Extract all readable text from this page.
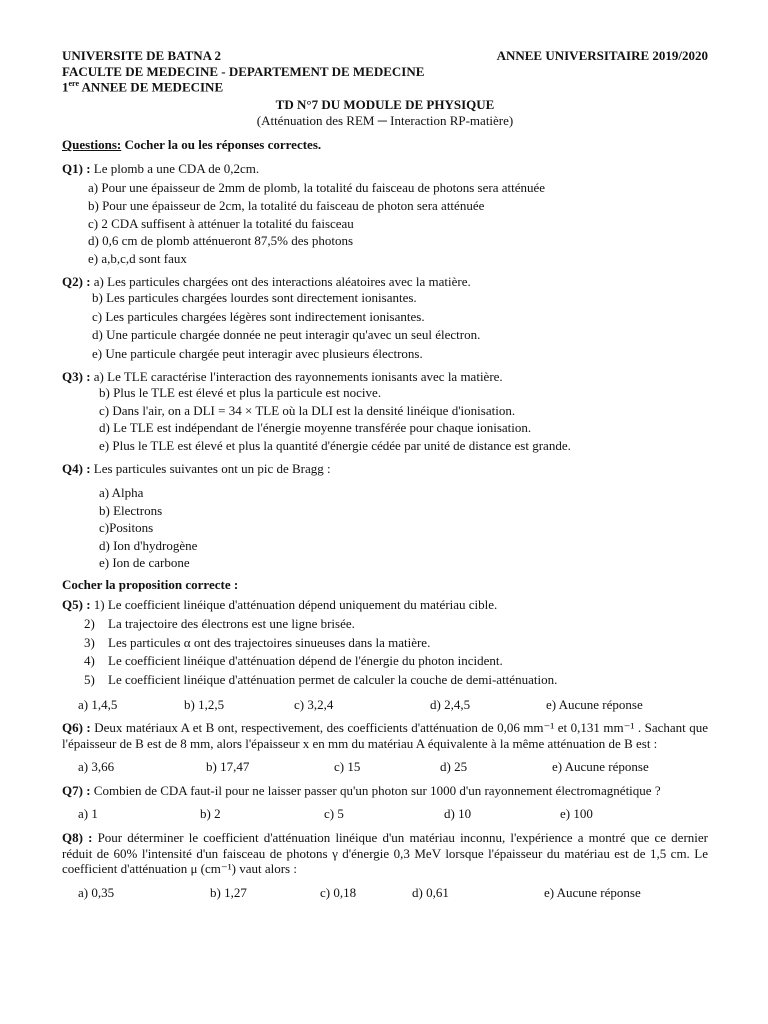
UNIVERSITE DE BATNA 2	ANNEE UNIVERSITAIRE 2019/2020
FACULTE DE MEDECINE - DEPARTEMENT DE MEDECINE
1ere ANNEE DE MEDECINE
TD N°7 DU MODULE DE PHYSIQUE
(Atténuation des REM ─ Interaction RP-matière)
Questions: Cocher la ou les réponses correctes.
Q1) : Le plomb a une CDA de 0,2cm.
a) Pour une épaisseur de 2mm de plomb, la totalité du faisceau de photons sera atténuée
b) Pour une épaisseur de 2cm, la totalité du faisceau de photon sera atténuée
c) 2 CDA suffisent à atténuer la totalité du faisceau
d) 0,6 cm de plomb atténueront 87,5% des photons
e) a,b,c,d sont faux
Q2) : a) Les particules chargées ont des interactions aléatoires avec la matière.
b) Les particules chargées lourdes sont directement ionisantes.
c) Les particules chargées légères sont indirectement ionisantes.
d) Une particule chargée donnée ne peut interagir qu'avec un seul électron.
e) Une particule chargée peut interagir avec plusieurs électrons.
Q3) : a) Le TLE caractérise l'interaction des rayonnements ionisants avec la matière.
b) Plus le TLE est élevé et plus la particule est nocive.
c) Dans l'air, on a DLI = 34 × TLE où la DLI est la densité linéique d'ionisation.
d) Le TLE est indépendant de l'énergie moyenne transférée pour chaque ionisation.
e) Plus le TLE est élevé et plus la quantité d'énergie cédée par unité de distance est grande.
Q4) : Les particules suivantes ont un pic de Bragg :
a) Alpha
b) Electrons
c)Positons
d) Ion d'hydrogène
e) Ion de carbone
Cocher la proposition correcte :
Q5) : 1) Le coefficient linéique d'atténuation dépend uniquement du matériau cible.
2) La trajectoire des électrons est une ligne brisée.
3) Les particules α ont des trajectoires sinueuses dans la matière.
4) Le coefficient linéique d'atténuation dépend de l'énergie du photon incident.
5) Le coefficient linéique d'atténuation permet de calculer la couche de demi-atténuation.
a) 1,4,5	b) 1,2,5	c) 3,2,4	d) 2,4,5	e) Aucune réponse
Q6) : Deux matériaux A et B ont, respectivement, des coefficients d'atténuation de 0,06 mm⁻¹ et 0,131 mm⁻¹ . Sachant que l'épaisseur de B est de 8 mm, alors l'épaisseur x en mm du matériau A équivalente à la même atténuation de B est :
a) 3,66	b) 17,47	c) 15	d) 25	e) Aucune réponse
Q7) : Combien de CDA faut-il pour ne laisser passer qu'un photon sur 1000 d'un rayonnement électromagnétique ?
a) 1	b) 2	c) 5	d) 10	e) 100
Q8) : Pour déterminer le coefficient d'atténuation linéique d'un matériau inconnu, l'expérience a montré que ce dernier réduit de 60% l'intensité d'un faisceau de photons γ d'énergie 0,3 MeV lorsque l'épaisseur du matériau est de 1,5 cm. Le coefficient d'atténuation μ (cm⁻¹) vaut alors :
a) 0,35	b) 1,27	c) 0,18	d) 0,61	e) Aucune réponse
